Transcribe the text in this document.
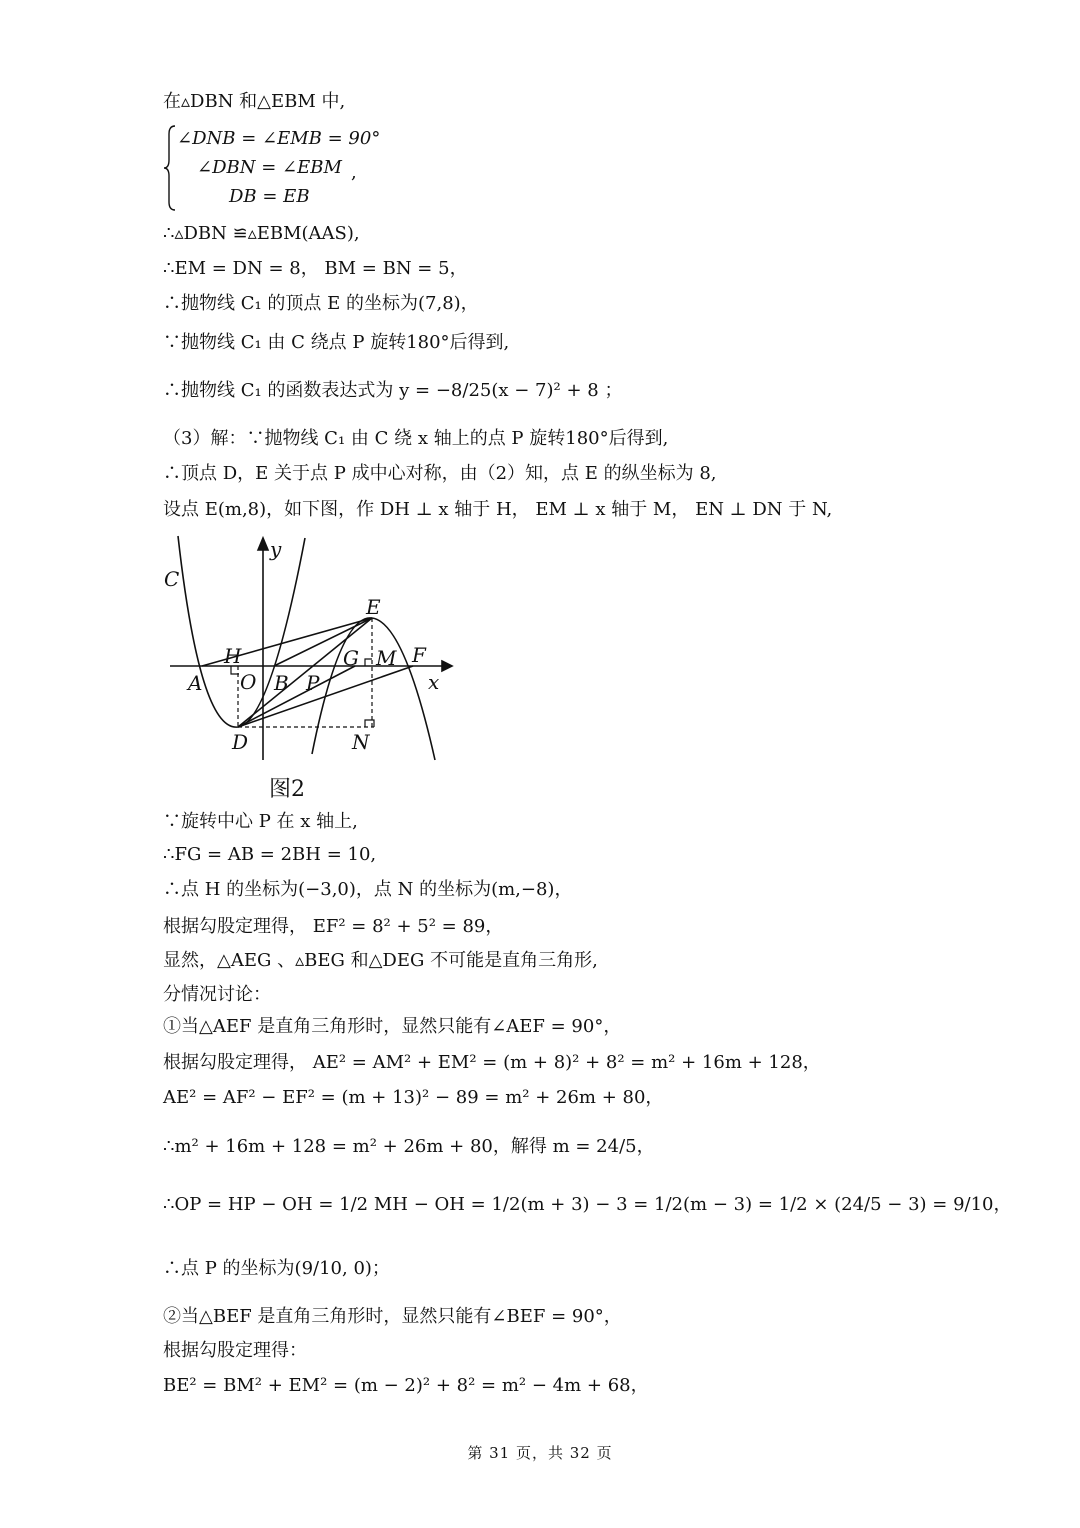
在▵DBN 和△EBM 中,
∠DNB = ∠EMB = 90°
∠DBN = ∠EBM
DB = EB
,
∴▵DBN ≌▵EBM(AAS),
∴EM = DN = 8， BM = BN = 5，
∴抛物线 C₁ 的顶点 E 的坐标为(7,8)，
∵抛物线 C₁ 由 C 绕点 P 旋转180°后得到,
∴抛物线 C₁ 的函数表达式为 y = −8/25(x − 7)² + 8 ；
（3）解：∵抛物线 C₁ 由 C 绕 x 轴上的点 P 旋转180°后得到,
∴顶点 D，E 关于点 P 成中心对称，由（2）知，点 E 的纵坐标为 8,
设点 E(m,8)，如下图，作 DH ⊥ x 轴于 H， EM ⊥ x 轴于 M， EN ⊥ DN 于 N,
y
C
E
H	G M F
x
A O B P
D	N
图2
∵旋转中心 P 在 x 轴上,
∴FG = AB = 2BH = 10,
∴点 H 的坐标为(−3,0)，点 N 的坐标为(m,−8)，
根据勾股定理得， EF² = 8² + 5² = 89，
显然，△AEG 、▵BEG 和△DEG 不可能是直角三角形,
分情况讨论：
①当△AEF 是直角三角形时，显然只能有∠AEF = 90°，
根据勾股定理得， AE² = AM² + EM² = (m + 8)² + 8² = m² + 16m + 128，
AE² = AF² − EF² = (m + 13)² − 89 = m² + 26m + 80，
∴m² + 16m + 128 = m² + 26m + 80，解得 m = 24/5，
∴OP = HP − OH = 1/2 MH − OH = 1/2(m + 3) − 3 = 1/2(m − 3) = 1/2 × (24/5 − 3) = 9/10，
∴点 P 的坐标为(9/10, 0)；
②当△BEF 是直角三角形时，显然只能有∠BEF = 90°，
根据勾股定理得：
BE² = BM² + EM² = (m − 2)² + 8² = m² − 4m + 68，
第 31 页，共 32 页
